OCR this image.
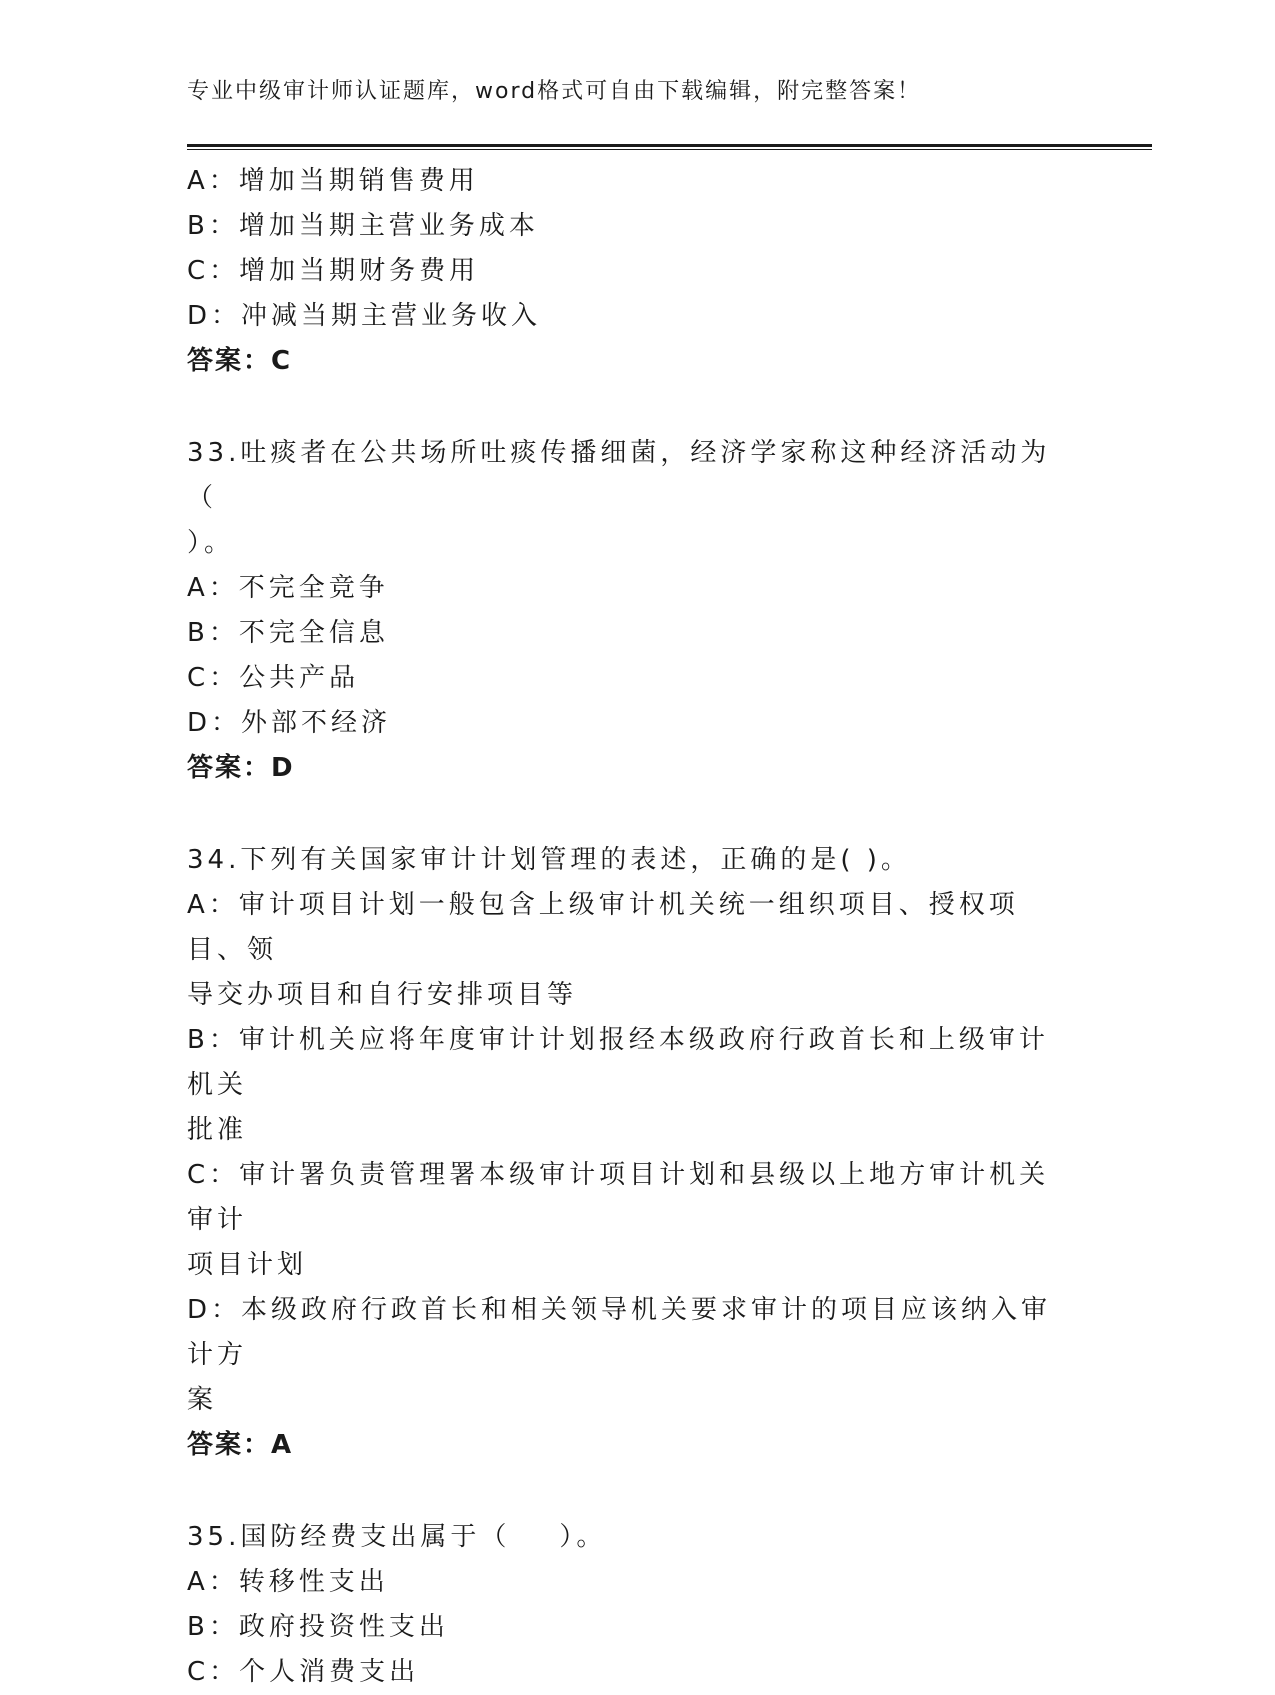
专业中级审计师认证题库，word格式可自由下载编辑，附完整答案！
A：增加当期销售费用
B：增加当期主营业务成本
C：增加当期财务费用
D：冲减当期主营业务收入
答案：C
33.吐痰者在公共场所吐痰传播细菌，经济学家称这种经济活动为（
）。
A：不完全竞争
B：不完全信息
C：公共产品
D：外部不经济
答案：D
34.下列有关国家审计计划管理的表述，正确的是( )。
A：审计项目计划一般包含上级审计机关统一组织项目、授权项目、领
导交办项目和自行安排项目等
B：审计机关应将年度审计计划报经本级政府行政首长和上级审计机关
批准
C：审计署负责管理署本级审计项目计划和县级以上地方审计机关审计
项目计划
D：本级政府行政首长和相关领导机关要求审计的项目应该纳入审计方
案
答案：A
35.国防经费支出属于（    ）。
A：转移性支出
B：政府投资性支出
C：个人消费支出
